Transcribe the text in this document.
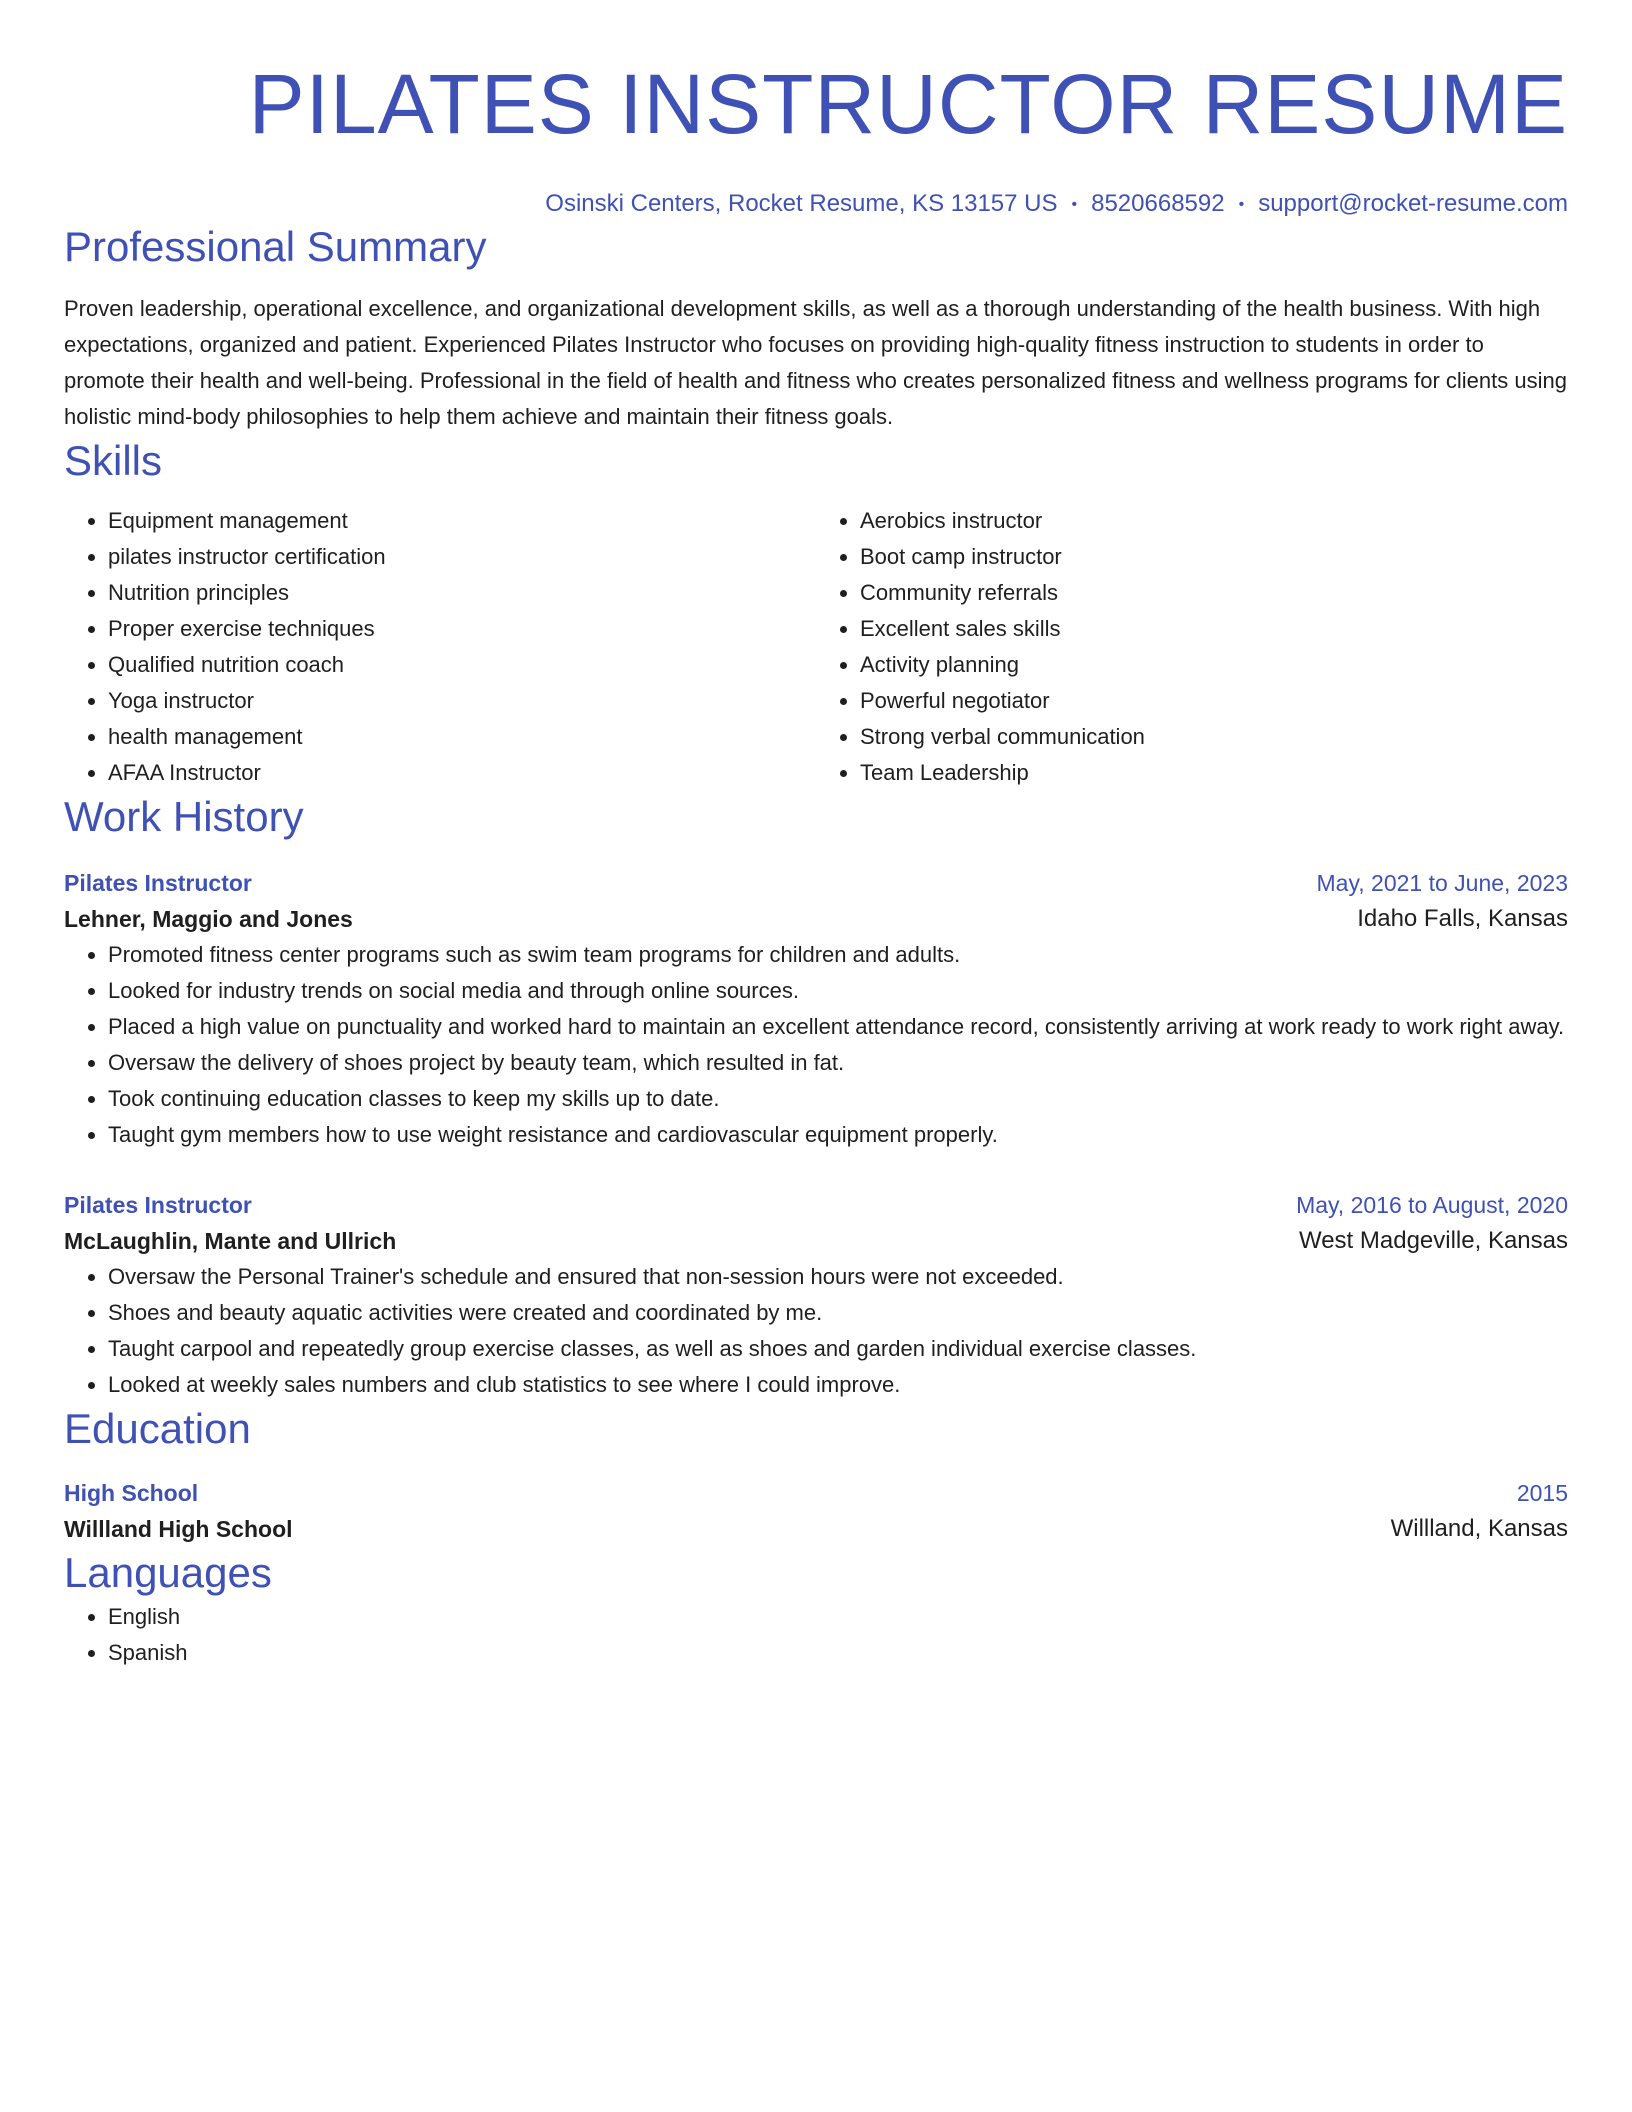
PILATES INSTRUCTOR RESUME
Osinski Centers, Rocket Resume, KS 13157 US • 8520668592 • support@rocket-resume.com
Professional Summary
Proven leadership, operational excellence, and organizational development skills, as well as a thorough understanding of the health business. With high expectations, organized and patient. Experienced Pilates Instructor who focuses on providing high-quality fitness instruction to students in order to promote their health and well-being. Professional in the field of health and fitness who creates personalized fitness and wellness programs for clients using holistic mind-body philosophies to help them achieve and maintain their fitness goals.
Skills
• Equipment management
• pilates instructor certification
• Nutrition principles
• Proper exercise techniques
• Qualified nutrition coach
• Yoga instructor
• health management
• AFAA Instructor
• Aerobics instructor
• Boot camp instructor
• Community referrals
• Excellent sales skills
• Activity planning
• Powerful negotiator
• Strong verbal communication
• Team Leadership
Work History
Pilates Instructor	May, 2021 to June, 2023
Lehner, Maggio and Jones	Idaho Falls, Kansas
• Promoted fitness center programs such as swim team programs for children and adults.
• Looked for industry trends on social media and through online sources.
• Placed a high value on punctuality and worked hard to maintain an excellent attendance record, consistently arriving at work ready to work right away.
• Oversaw the delivery of shoes project by beauty team, which resulted in fat.
• Took continuing education classes to keep my skills up to date.
• Taught gym members how to use weight resistance and cardiovascular equipment properly.
Pilates Instructor	May, 2016 to August, 2020
McLaughlin, Mante and Ullrich	West Madgeville, Kansas
• Oversaw the Personal Trainer's schedule and ensured that non-session hours were not exceeded.
• Shoes and beauty aquatic activities were created and coordinated by me.
• Taught carpool and repeatedly group exercise classes, as well as shoes and garden individual exercise classes.
• Looked at weekly sales numbers and club statistics to see where I could improve.
Education
High School	2015
Willland High School	Willland, Kansas
Languages
• English
• Spanish
